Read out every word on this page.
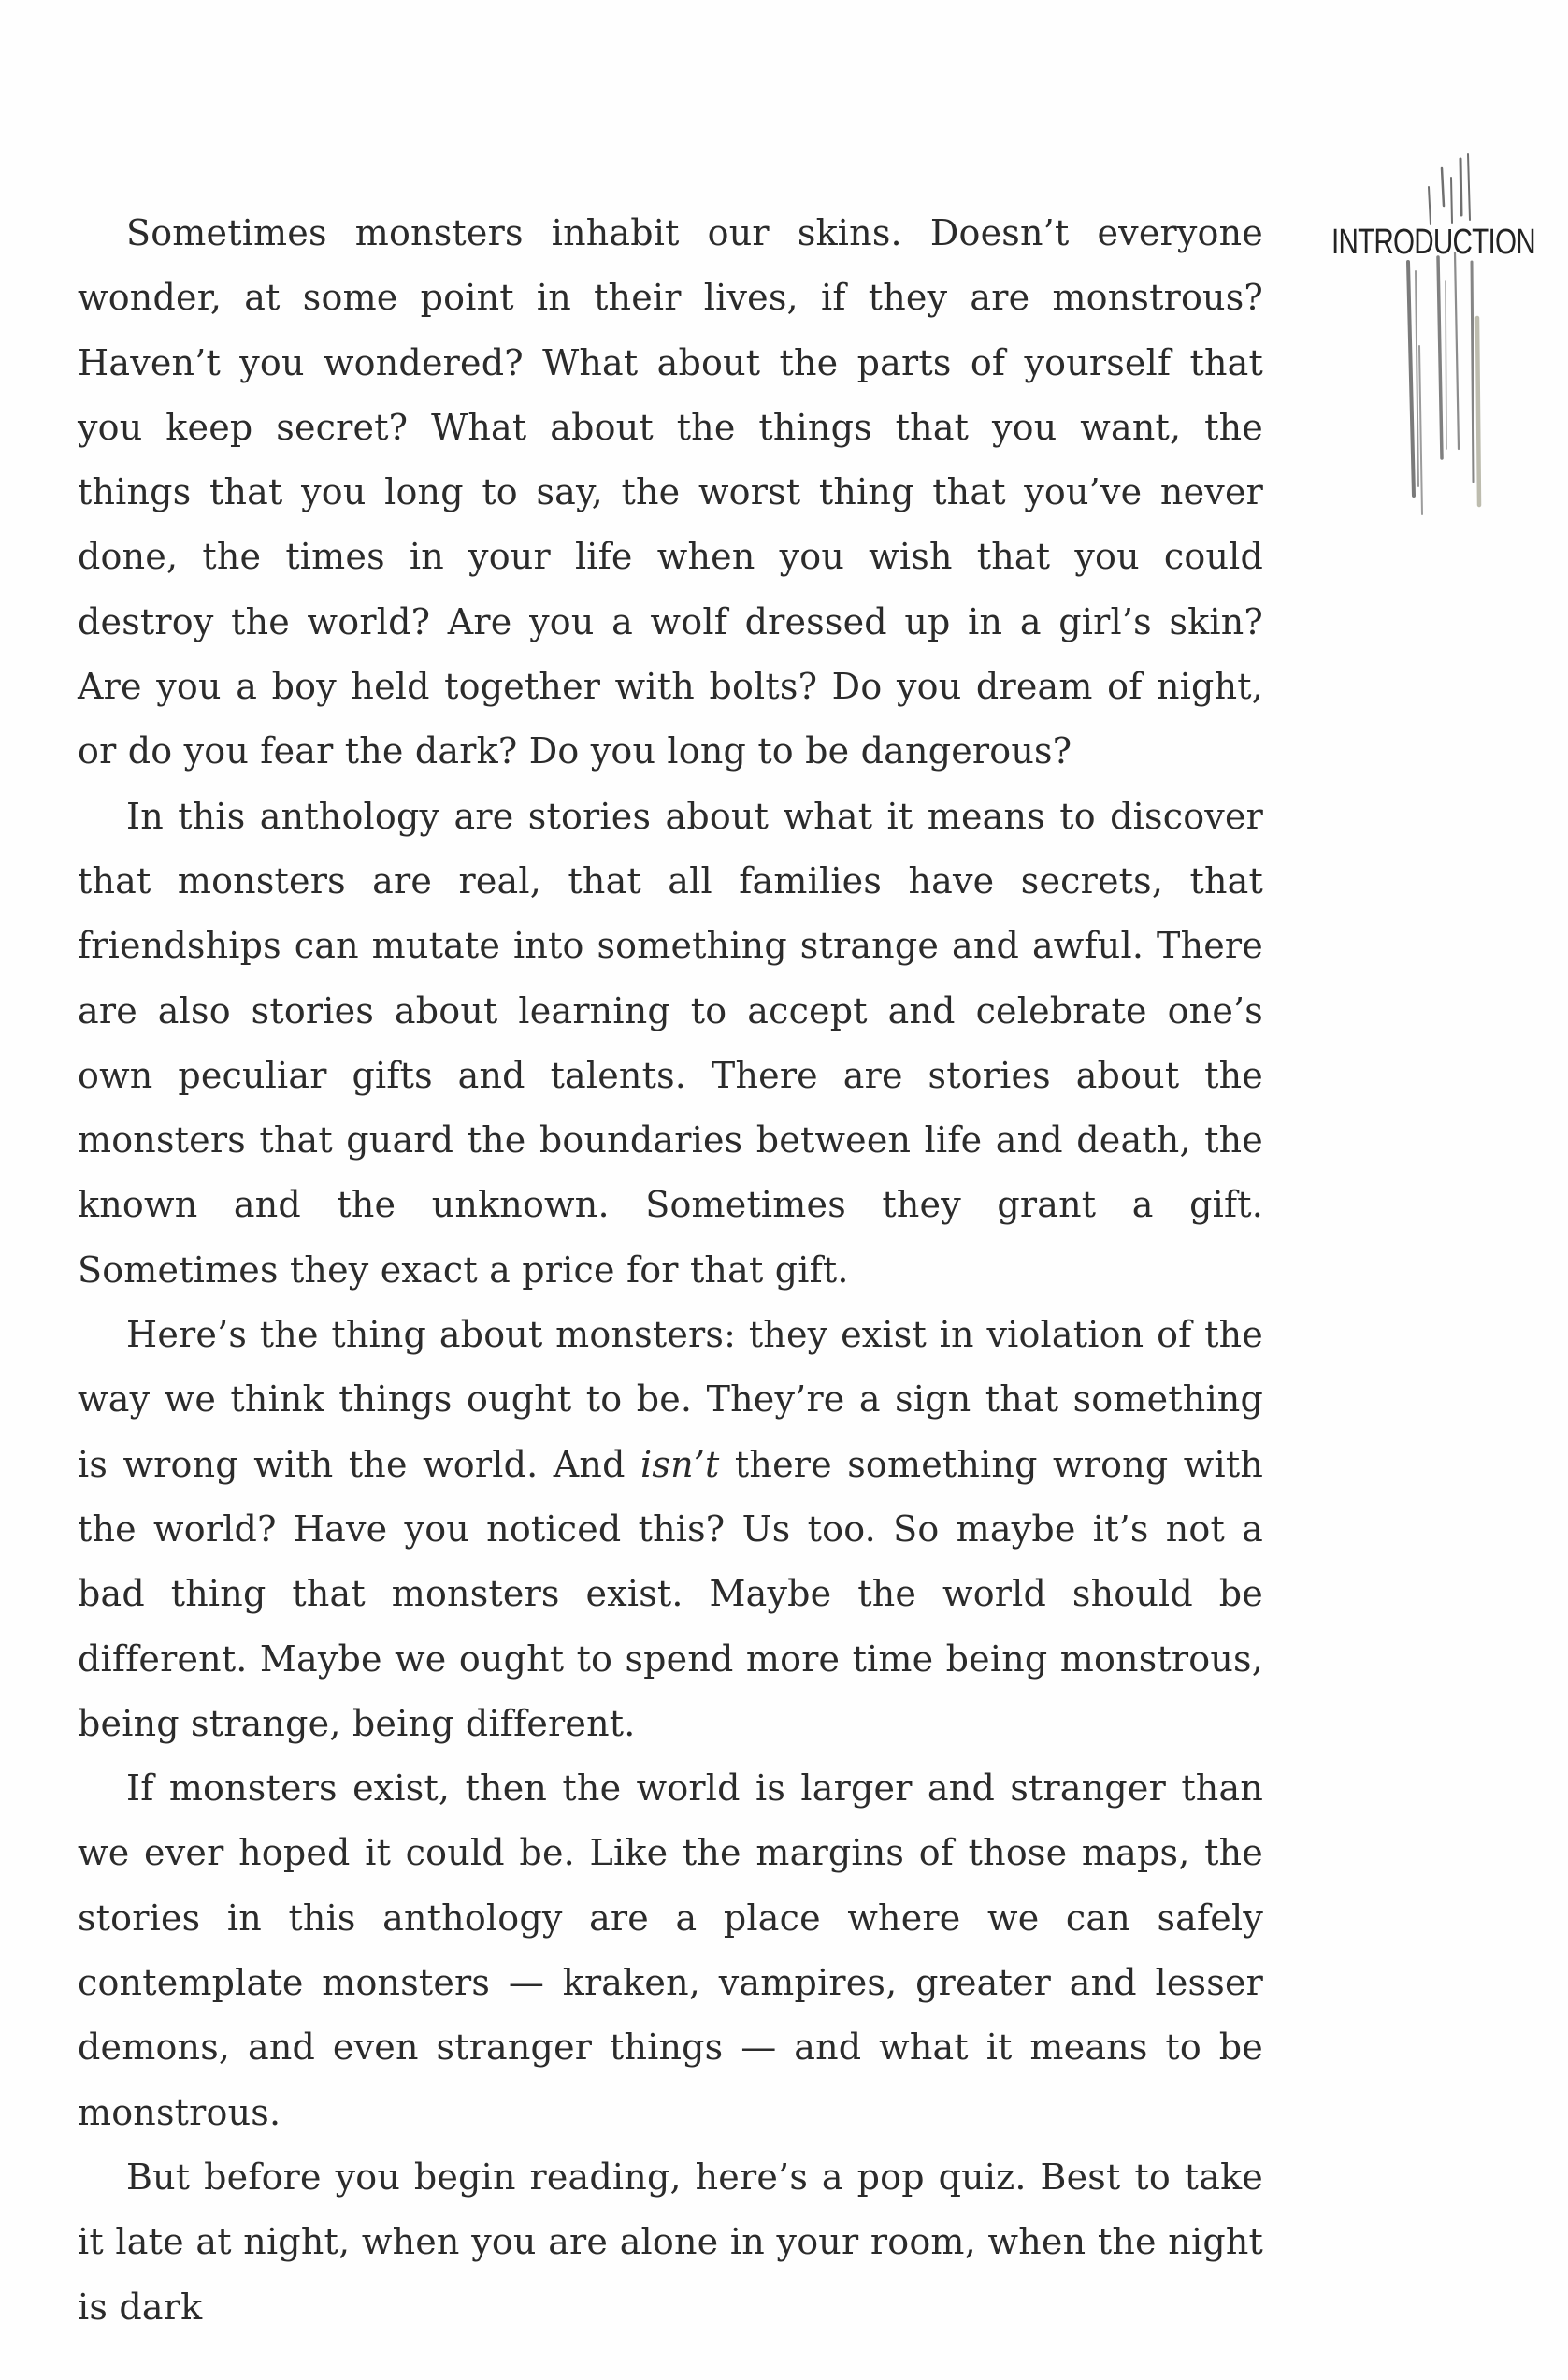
INTRODUCTION

Sometimes monsters inhabit our skins. Doesn’t everyone wonder, at some point in their lives, if they are monstrous? Haven’t you wondered? What about the parts of yourself that you keep secret? What about the things that you want, the things that you long to say, the worst thing that you’ve never done, the times in your life when you wish that you could destroy the world? Are you a wolf dressed up in a girl’s skin? Are you a boy held together with bolts? Do you dream of night, or do you fear the dark? Do you long to be dangerous?

In this anthology are stories about what it means to discover that monsters are real, that all families have secrets, that friendships can mutate into something strange and awful. There are also stories about learning to accept and celebrate one’s own peculiar gifts and talents. There are stories about the monsters that guard the boundaries between life and death, the known and the unknown. Sometimes they grant a gift. Sometimes they exact a price for that gift.

Here’s the thing about monsters: they exist in violation of the way we think things ought to be. They’re a sign that something is wrong with the world. And isn’t there something wrong with the world? Have you noticed this? Us too. So maybe it’s not a bad thing that monsters exist. Maybe the world should be different. Maybe we ought to spend more time being monstrous, being strange, being different.

If monsters exist, then the world is larger and stranger than we ever hoped it could be. Like the margins of those maps, the stories in this anthology are a place where we can safely contemplate monsters — kraken, vampires, greater and lesser demons, and even stranger things — and what it means to be monstrous.

But before you begin reading, here’s a pop quiz. Best to take it late at night, when you are alone in your room, when the night is dark
